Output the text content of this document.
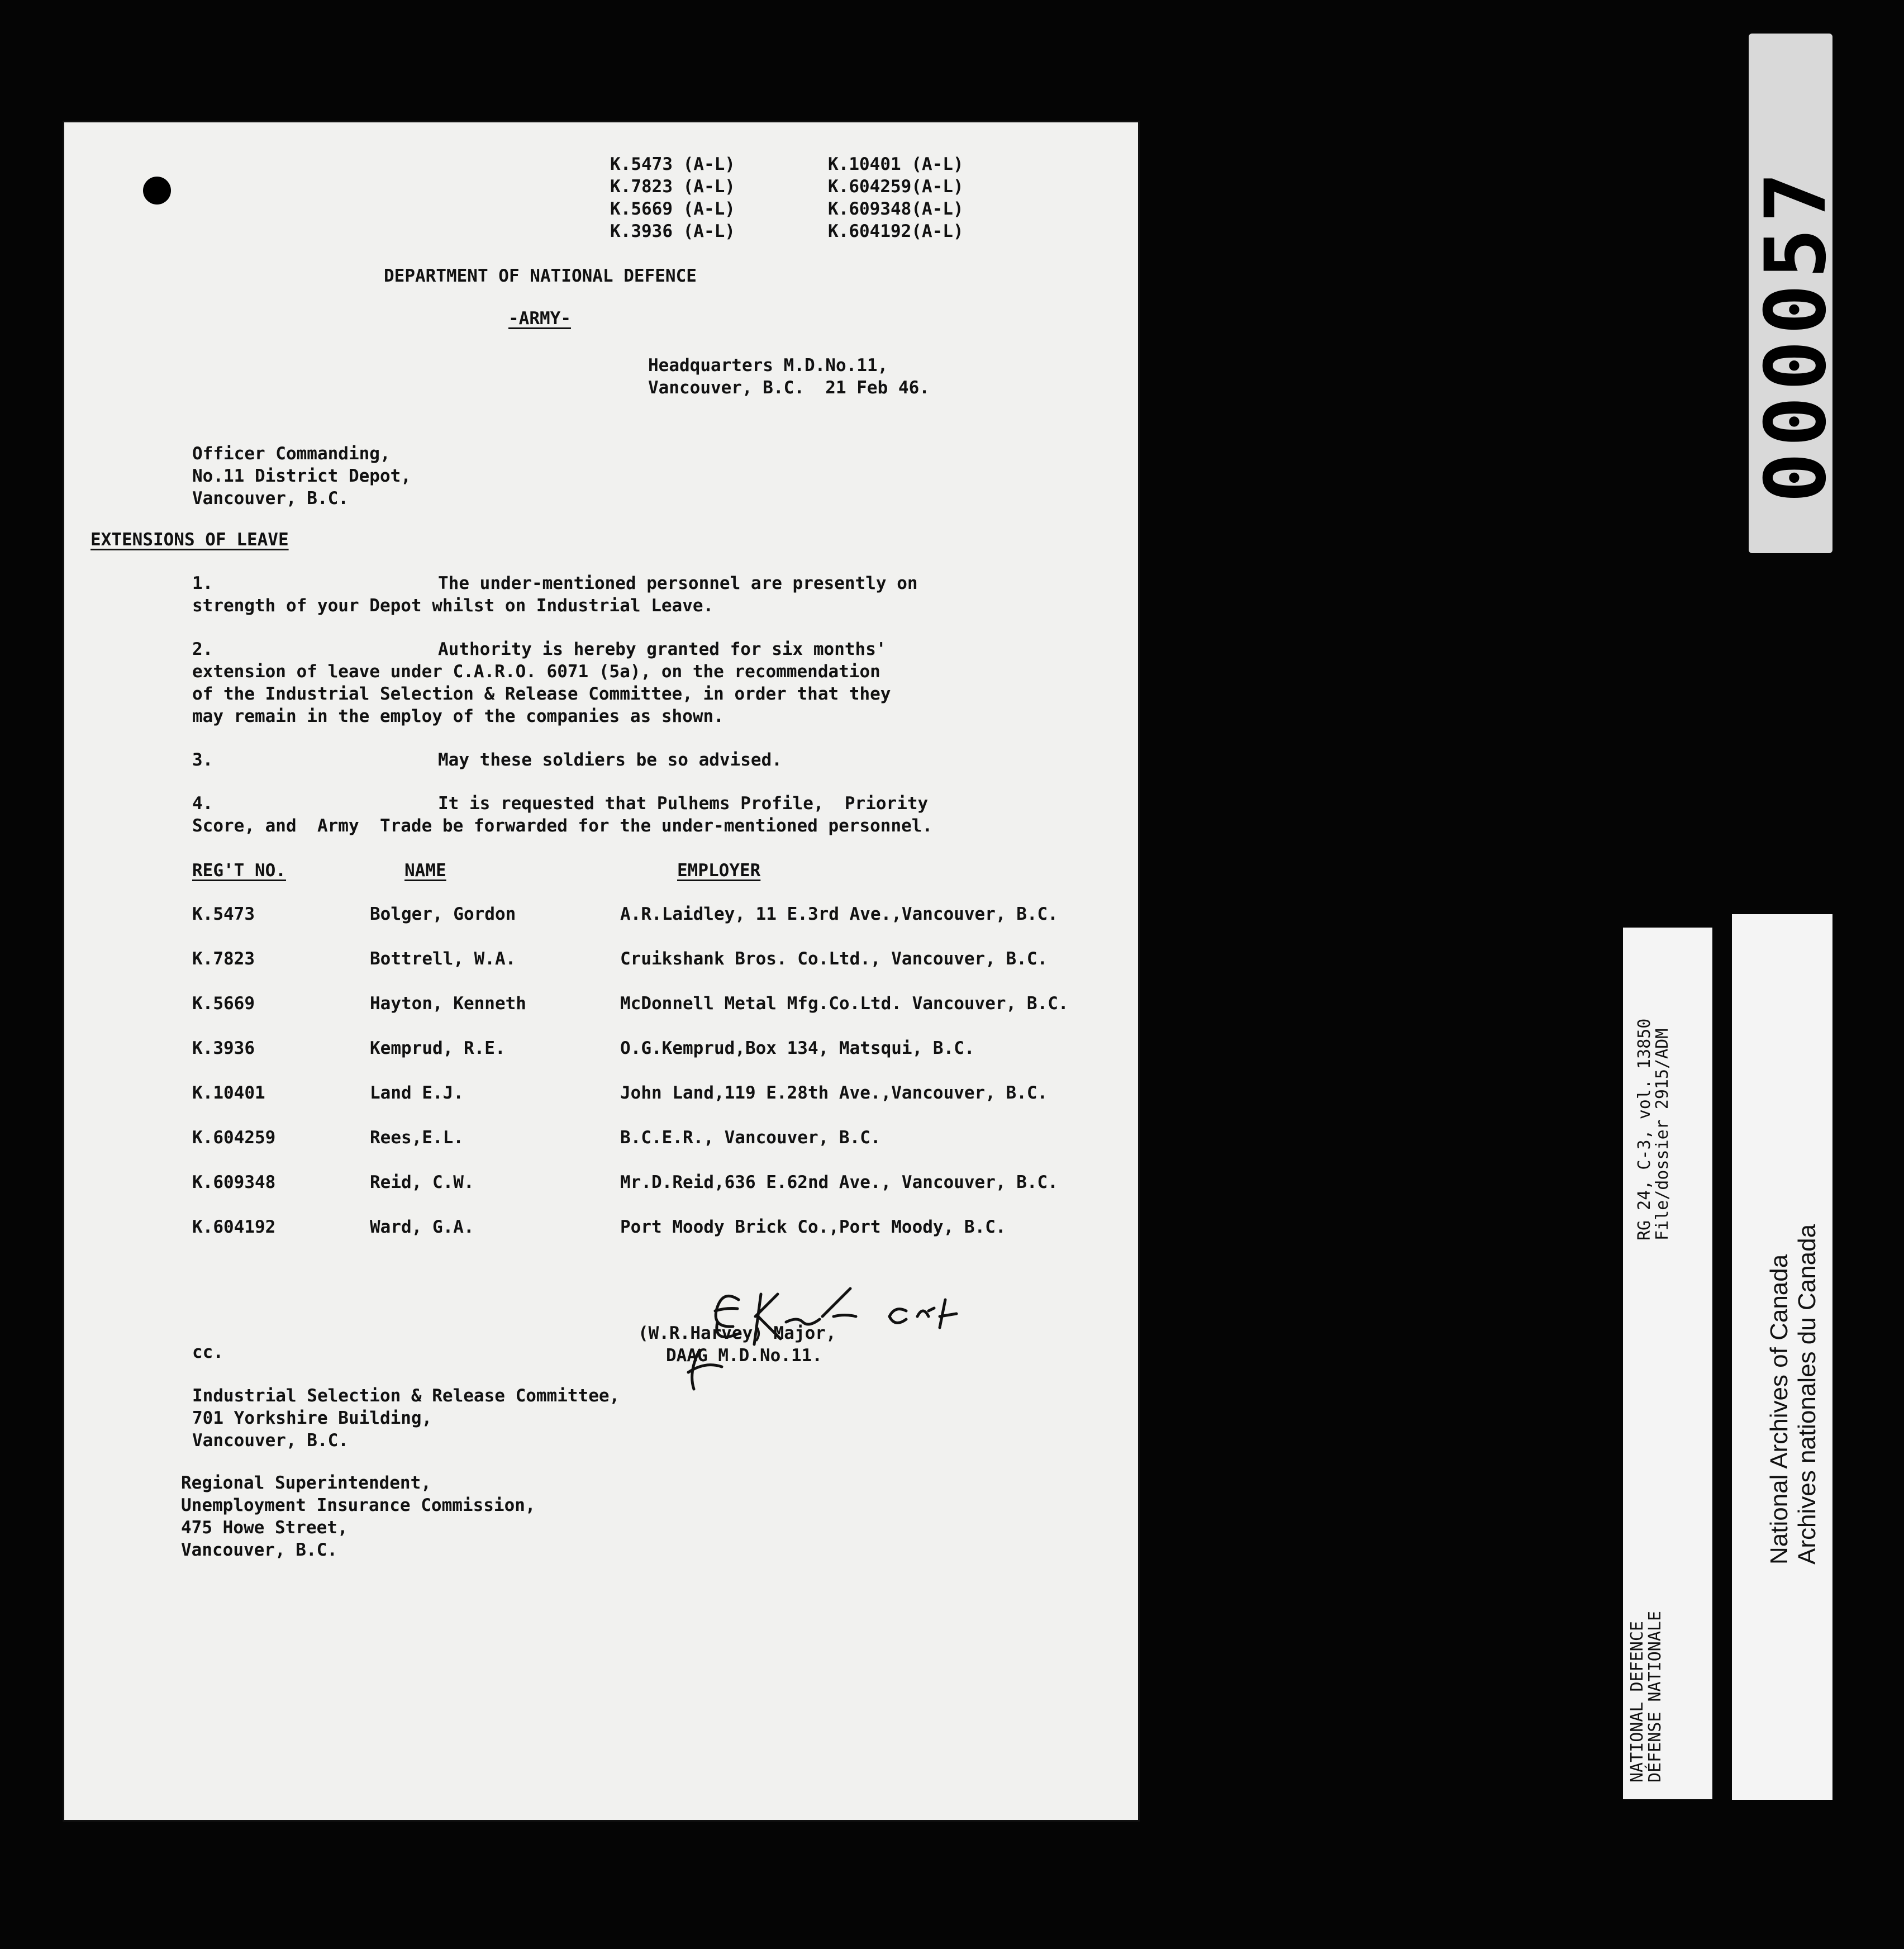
K.5473 (A-L)	K.10401 (A-L)
K.7823 (A-L)	K.604259(A-L)
K.5669 (A-L)	K.609348(A-L)
K.3936 (A-L)	K.604192(A-L)
DEPARTMENT OF NATIONAL DEFENCE
-ARMY-
Headquarters M.D.No.11,
Vancouver, B.C.  21 Feb 46.
Officer Commanding,
No.11 District Depot,
Vancouver, B.C.
EXTENSIONS OF LEAVE
1.	The under-mentioned personnel are presently on
strength of your Depot whilst on Industrial Leave.
2.	Authority is hereby granted for six months'
extension of leave under C.A.R.O. 6071 (5a), on the recommendation
of the Industrial Selection & Release Committee, in order that they
may remain in the employ of the companies as shown.
3.	May these soldiers be so advised.
4.	It is requested that Pulhems Profile,  Priority
Score, and  Army  Trade be forwarded for the under-mentioned personnel.
REG'T NO.	NAME	EMPLOYER
K.5473	Bolger, Gordon	A.R.Laidley, 11 E.3rd Ave.,Vancouver, B.C.
K.7823	Bottrell, W.A.	Cruikshank Bros. Co.Ltd., Vancouver, B.C.
K.5669	Hayton, Kenneth	McDonnell Metal Mfg.Co.Ltd. Vancouver, B.C.
K.3936	Kemprud, R.E.	O.G.Kemprud,Box 134, Matsqui, B.C.
K.10401	Land E.J.	John Land,119 E.28th Ave.,Vancouver, B.C.
K.604259	Rees,E.L.	B.C.E.R., Vancouver, B.C.
K.609348	Reid, C.W.	Mr.D.Reid,636 E.62nd Ave., Vancouver, B.C.
K.604192	Ward, G.A.	Port Moody Brick Co.,Port Moody, B.C.
(W.R.Harvey) Major,
DAAG M.D.No.11.
cc.
Industrial Selection & Release Committee,
701 Yorkshire Building,
Vancouver, B.C.
Regional Superintendent,
Unemployment Insurance Commission,
475 Howe Street,
Vancouver, B.C.
000057
RG 24, C-3, vol. 13850
File/dossier 2915/ADM
NATIONAL DEFENCE
DÉFENSE NATIONALE
National Archives of Canada Archives nationales du Canada
